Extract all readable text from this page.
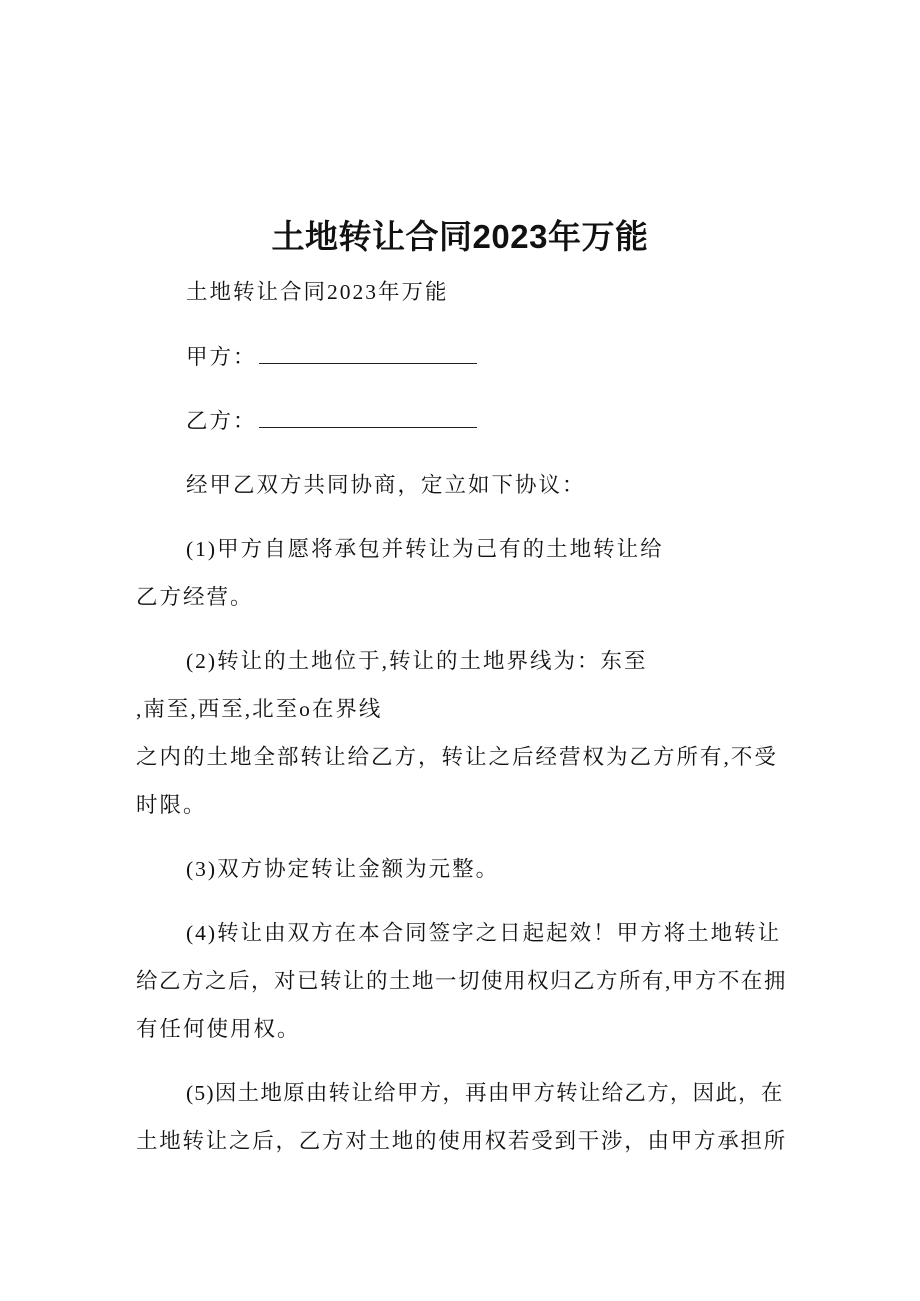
土地转让合同2023年万能

土地转让合同2023年万能

甲方：

乙方：

经甲乙双方共同协商，定立如下协议：

(1)甲方自愿将承包并转让为己有的土地转让给

乙方经营。

(2)转让的土地位于,转让的土地界线为：东至

,南至,西至,北至o在界线

之内的土地全部转让给乙方，转让之后经营权为乙方所有,不受

时限。

(3)双方协定转让金额为元整。

(4)转让由双方在本合同签字之日起起效！甲方将土地转让

给乙方之后，对已转让的土地一切使用权归乙方所有,甲方不在拥

有任何使用权。

(5)因土地原由转让给甲方，再由甲方转让给乙方，因此，在

土地转让之后，乙方对土地的使用权若受到干涉，由甲方承担所
